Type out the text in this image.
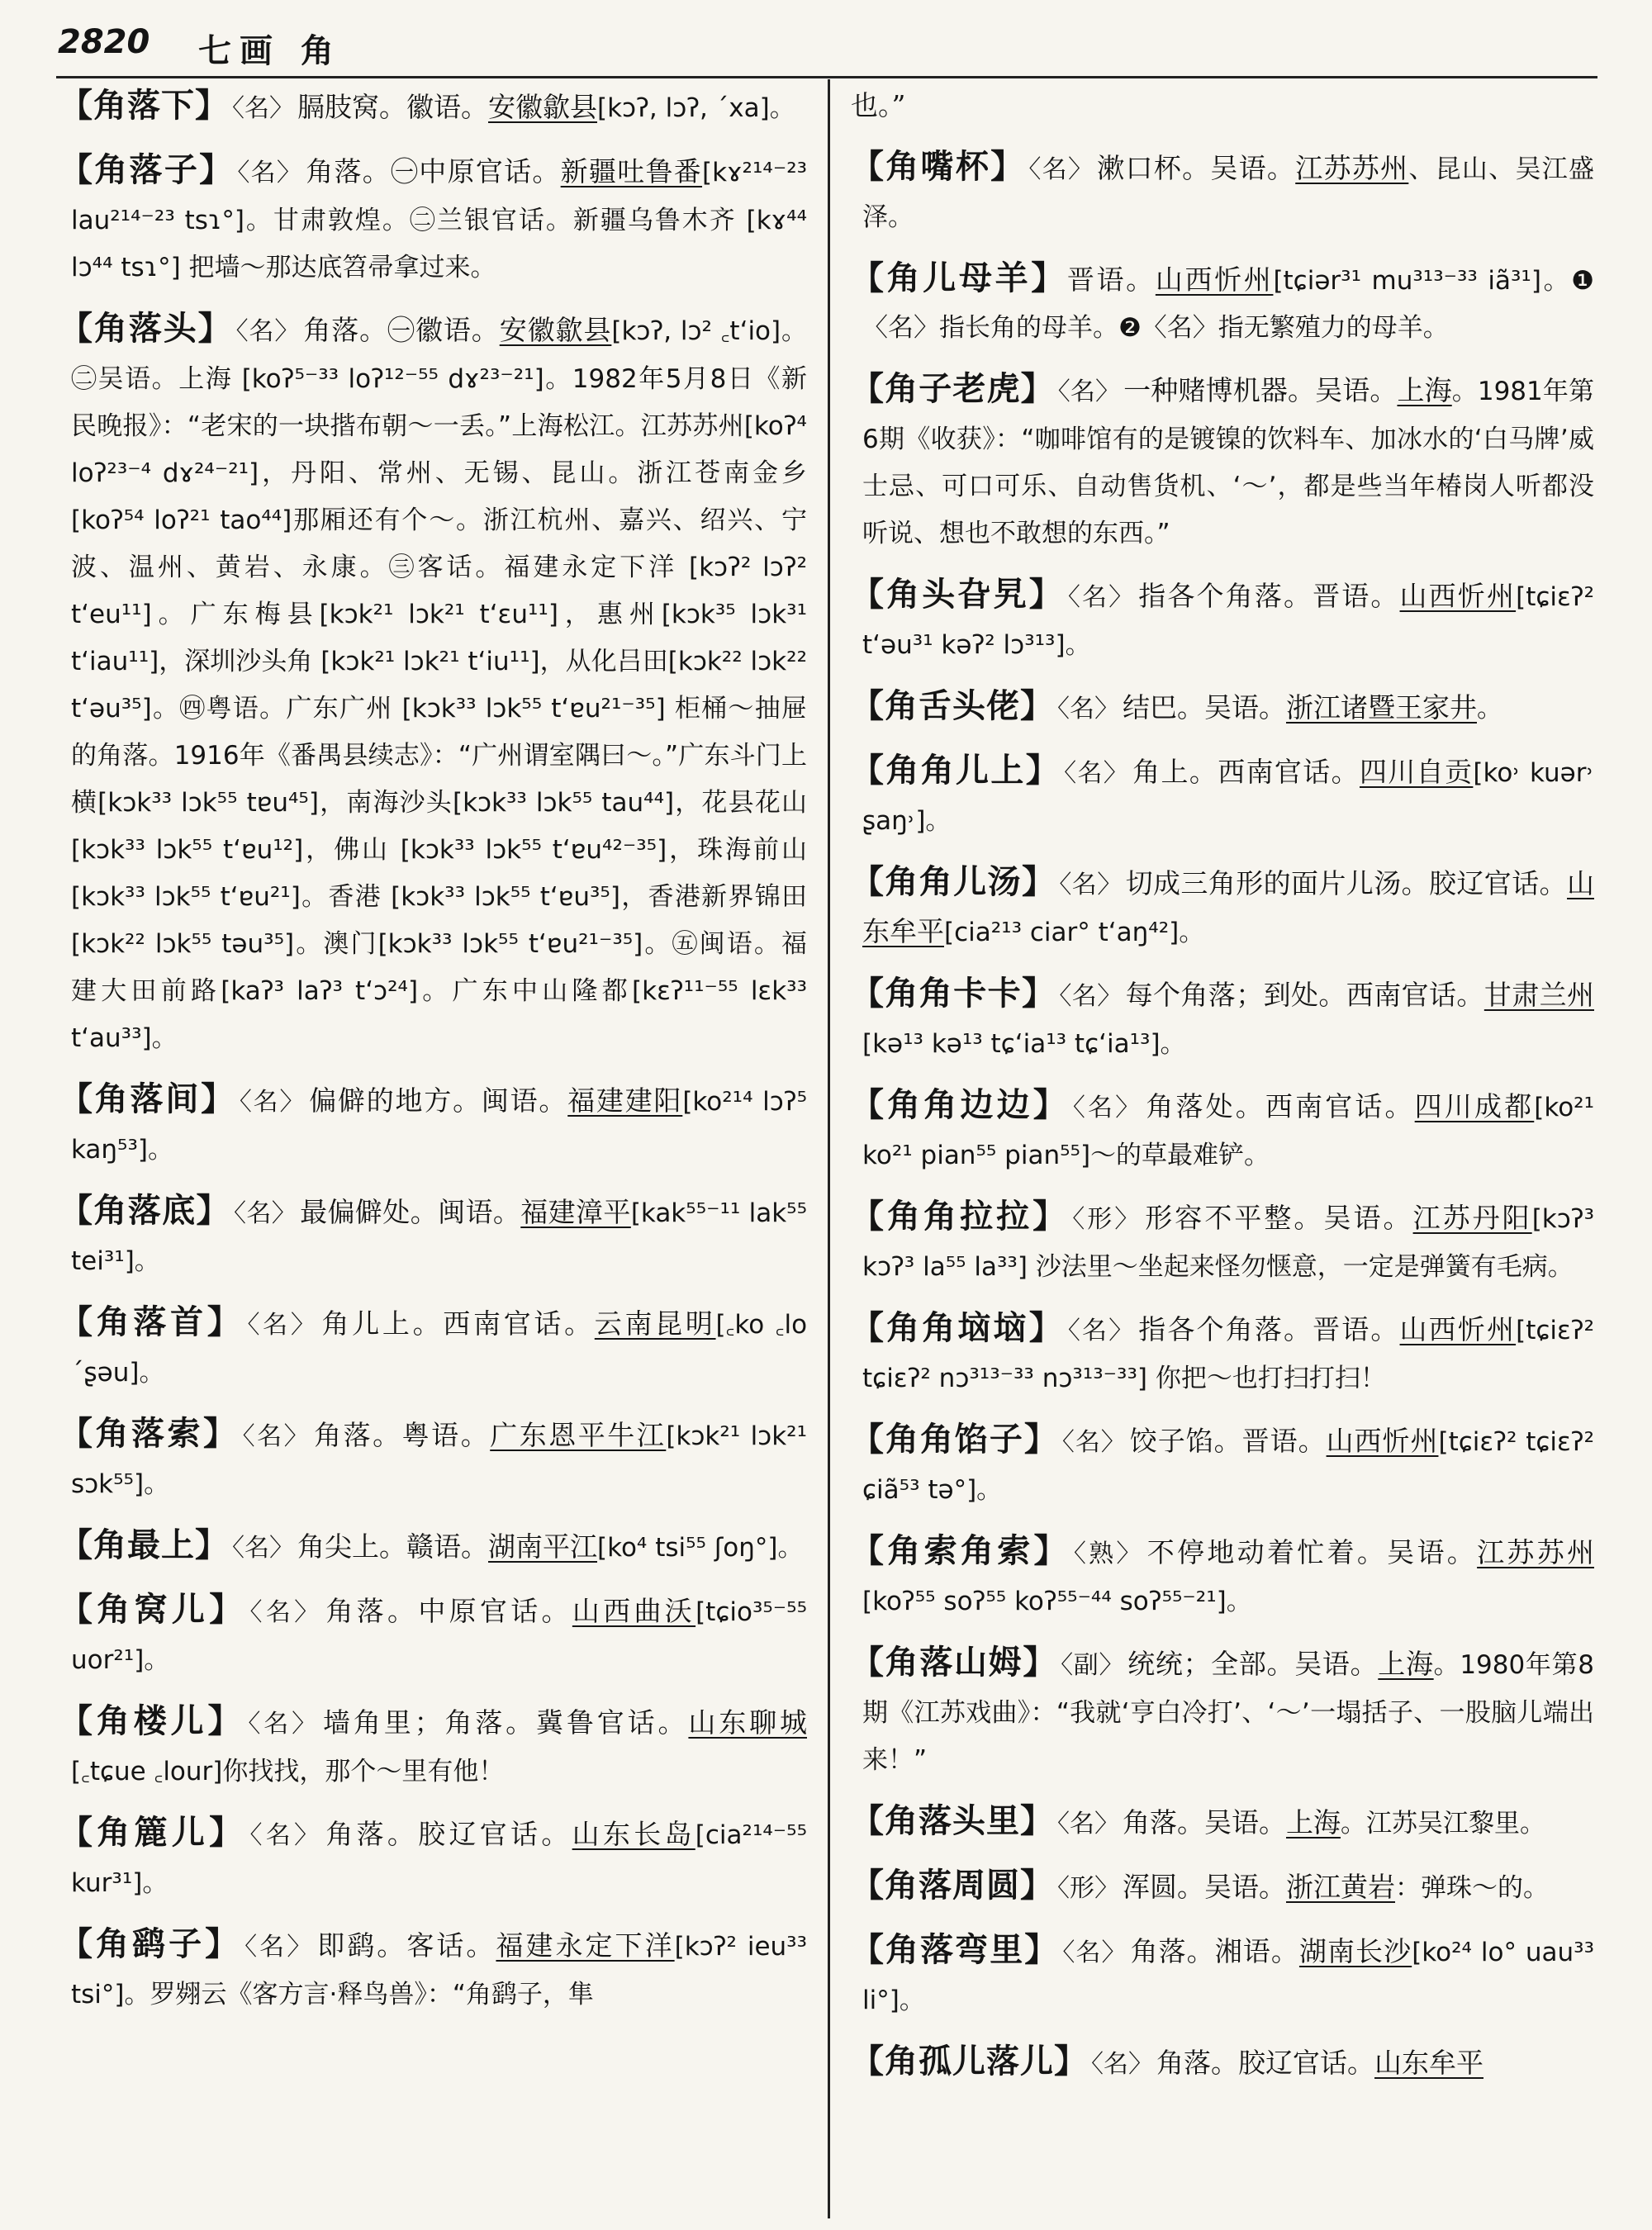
2820 七画 角

【角落下】 〈名〉 膈肢窝。徽语。安徽歙县[kɔʔ, lɔʔ, ˊxa]。

【角落子】 〈名〉 角落。㊀中原官话。新疆吐鲁番[kɤ²¹⁴⁻²³ lau²¹⁴⁻²³ tsɿ°]。甘肃敦煌。㊁兰银官话。新疆乌鲁木齐 [kɤ⁴⁴ lɔ⁴⁴ tsɿ°] 把墙～那达底笤帚拿过来。

【角落头】 〈名〉 角落。㊀徽语。安徽歙县[kɔʔ, lɔ² ꜀tʻio]。㊁吴语。上海 [koʔ⁵⁻³³ loʔ¹²⁻⁵⁵ dɤ²³⁻²¹]。1982年5月8日《新民晚报》：“老宋的一块揩布朝～一丢。”上海松江。江苏苏州[koʔ⁴ loʔ²³⁻⁴ dɤ²⁴⁻²¹]，丹阳、常州、无锡、昆山。浙江苍南金乡 [koʔ⁵⁴ loʔ²¹ tao⁴⁴]那厢还有个～。浙江杭州、嘉兴、绍兴、宁波、温州、黄岩、永康。㊂客话。福建永定下洋 [kɔʔ² lɔʔ² tʻeu¹¹]。广东梅县[kɔk²¹ lɔk²¹ tʻɛu¹¹]，惠州[kɔk³⁵ lɔk³¹ tʻiau¹¹]，深圳沙头角 [kɔk²¹ lɔk²¹ tʻiu¹¹]，从化吕田[kɔk²² lɔk²² tʻəu³⁵]。㊃粤语。广东广州 [kɔk³³ lɔk⁵⁵ tʻɐu²¹⁻³⁵] 柜桶～抽屉的角落。1916年《番禺县续志》：“广州谓室隅曰～。”广东斗门上横[kɔk³³ lɔk⁵⁵ tɐu⁴⁵]，南海沙头[kɔk³³ lɔk⁵⁵ tau⁴⁴]，花县花山[kɔk³³ lɔk⁵⁵ tʻɐu¹²]，佛山 [kɔk³³ lɔk⁵⁵ tʻɐu⁴²⁻³⁵]，珠海前山 [kɔk³³ lɔk⁵⁵ tʻɐu²¹]。香港 [kɔk³³ lɔk⁵⁵ tʻɐu³⁵]，香港新界锦田 [kɔk²² lɔk⁵⁵ təu³⁵]。澳门[kɔk³³ lɔk⁵⁵ tʻɐu²¹⁻³⁵]。㊄闽语。福建大田前路[kaʔ³ laʔ³ tʻɔ²⁴]。广东中山隆都[kɛʔ¹¹⁻⁵⁵ lɛk³³ tʻau³³]。

【角落间】 〈名〉 偏僻的地方。闽语。福建建阳[ko²¹⁴ lɔʔ⁵ kaŋ⁵³]。

【角落底】 〈名〉 最偏僻处。闽语。福建漳平[kak⁵⁵⁻¹¹ lak⁵⁵ tei³¹]。

【角落首】 〈名〉 角儿上。西南官话。云南昆明[꜀ko ꜀lo ˊʂəu]。

【角落索】 〈名〉 角落。粤语。广东恩平牛江[kɔk²¹ lɔk²¹ sɔk⁵⁵]。

【角最上】 〈名〉 角尖上。赣语。湖南平江[ko⁴ tsi⁵⁵ ʃoŋ°]。

【角窝儿】 〈名〉 角落。中原官话。山西曲沃[tɕio³⁵⁻⁵⁵ uor²¹]。

【角楼儿】 〈名〉 墙角里；角落。冀鲁官话。山东聊城[꜀tɕue ꜀lour]你找找，那个～里有他！

【角簏儿】 〈名〉 角落。胶辽官话。山东长岛[cia²¹⁴⁻⁵⁵ kur³¹]。

【角鹞子】 〈名〉 即鹞。客话。福建永定下洋[kɔʔ² ieu³³ tsi°]。罗翙云《客方言·释鸟兽》：“角鹞子，隼

也。”

【角嘴杯】 〈名〉 漱口杯。吴语。江苏苏州、昆山、吴江盛泽。

【角儿母羊】晋语。山西忻州[tɕiər³¹ mu³¹³⁻³³ iã³¹]。❶〈名〉指长角的母羊。❷〈名〉指无繁殖力的母羊。

【角子老虎】 〈名〉 一种赌博机器。吴语。上海。1981年第6期《收获》：“咖啡馆有的是镀镍的饮料车、加冰水的‘白马牌’威士忌、可口可乐、自动售货机、‘～’，都是些当年椿岗人听都没听说、想也不敢想的东西。”

【角头旮旯】 〈名〉 指各个角落。晋语。山西忻州[tɕiɛʔ² tʻəu³¹ kəʔ² lɔ³¹³]。

【角舌头佬】 〈名〉 结巴。吴语。浙江诸暨王家井。

【角角儿上】 〈名〉 角上。西南官话。四川自贡[ko˒ kuər˒ ʂaŋ˒]。

【角角儿汤】 〈名〉 切成三角形的面片儿汤。胶辽官话。山东牟平[cia²¹³ ciar° tʻaŋ⁴²]。

【角角卡卡】 〈名〉 每个角落；到处。西南官话。甘肃兰州[kə¹³ kə¹³ tɕʻia¹³ tɕʻia¹³]。

【角角边边】 〈名〉 角落处。西南官话。四川成都[ko²¹ ko²¹ pian⁵⁵ pian⁵⁵]～的草最难铲。

【角角拉拉】 〈形〉 形容不平整。吴语。江苏丹阳[kɔʔ³ kɔʔ³ la⁵⁵ la³³] 沙法里～坐起来怪勿惬意，一定是弹簧有毛病。

【角角垴垴】 〈名〉 指各个角落。晋语。山西忻州[tɕiɛʔ² tɕiɛʔ² nɔ³¹³⁻³³ nɔ³¹³⁻³³] 你把～也打扫打扫！

【角角馅子】 〈名〉 饺子馅。晋语。山西忻州[tɕiɛʔ² tɕiɛʔ² ɕiã⁵³ tə°]。

【角索角索】 〈熟〉 不停地动着忙着。吴语。江苏苏州[koʔ⁵⁵ soʔ⁵⁵ koʔ⁵⁵⁻⁴⁴ soʔ⁵⁵⁻²¹]。

【角落山姆】 〈副〉 统统；全部。吴语。上海。1980年第8期《江苏戏曲》：“我就‘亨白冷打’、‘～’一塌括子、一股脑儿端出来！”

【角落头里】 〈名〉 角落。吴语。上海。江苏吴江黎里。

【角落周圆】 〈形〉 浑圆。吴语。浙江黄岩：弹珠～的。

【角落弯里】 〈名〉 角落。湘语。湖南长沙[ko²⁴ lo° uau³³ li°]。

【角孤儿落儿】 〈名〉 角落。胶辽官话。山东牟平
